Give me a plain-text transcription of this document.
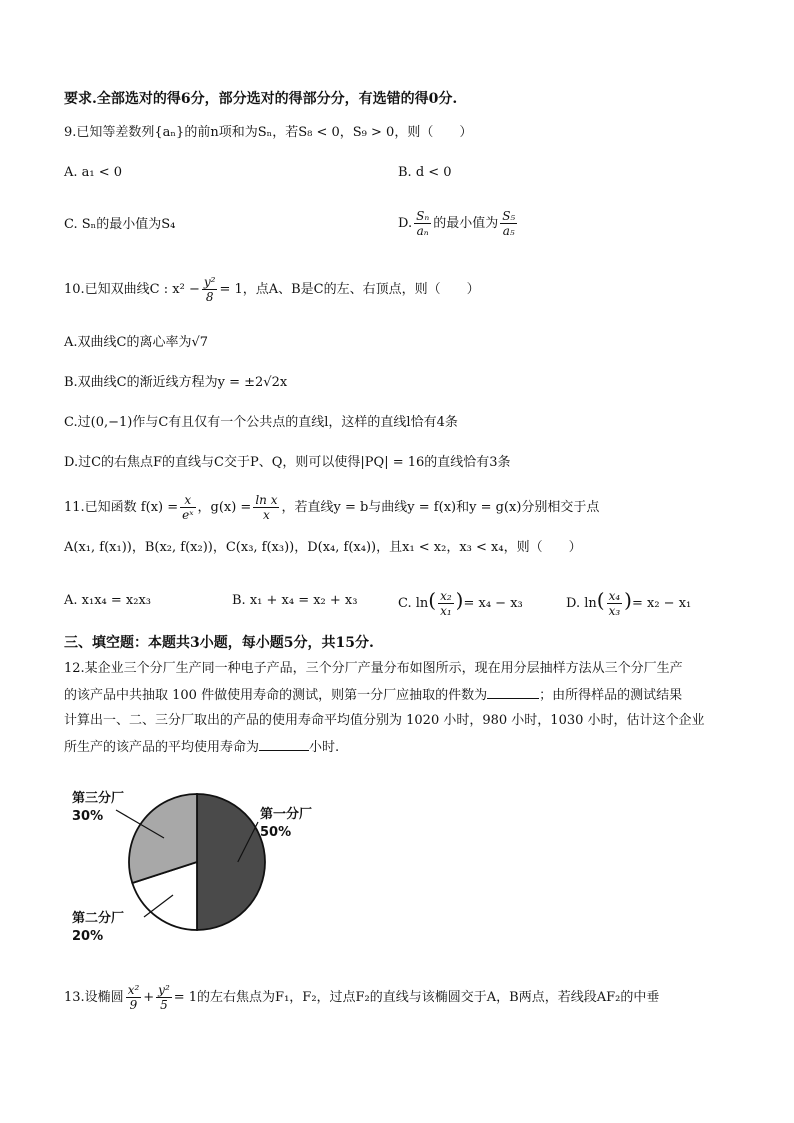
要求.全部选对的得6分，部分选对的得部分分，有选错的得0分.
9.已知等差数列{aₙ}的前n项和为Sₙ，若S₈ < 0，S₉ > 0，则（　　）
A. a₁ < 0	B. d < 0
C. Sₙ的最小值为S₄	D. $\frac{\text{Sₙ}}{\text{aₙ}}$ 的最小值为 $\frac{\text{S₅}}{\text{a₅}}$
10.已知双曲线C : $x^2 - \frac{\text{y²}}{8} = 1$，点A、B是C的左、右顶点，则（　　）
A.双曲线C的离心率为√7
B.双曲线C的渐近线方程为y = ±2√2x
C.过(0,−1)作与C有且仅有一个公共点的直线l，这样的直线l恰有4条
D.过C的右焦点F的直线与C交于P、Q，则可以使得|PQ| = 16的直线恰有3条
11.已知函数 $f(x) = \frac{x}{\text{eˣ}}$ ，$g(x) = \frac{\text{ln x}}{x}$ ，若直线y = b与曲线y = f(x)和y = g(x)分别相交于点
A(x₁, f(x₁))，B(x₂, f(x₂))，C(x₃, f(x₃))，D(x₄, f(x₄))，且x₁ < x₂，x₃ < x₄，则（　　）
A. x₁x₄ = x₂x₃	B. x₁ + x₄ = x₂ + x₃	C. $\ln( \frac{\text{x₂}}{\text{x₁}}$ )= x₄ − x₃	D. $\ln( \frac{\text{x₄}}{\text{x₃}}$ )= x₂ − x₁
三、填空题：本题共3小题，每小题5分，共15分.
12.某企业三个分厂生产同一种电子产品，三个分厂产量分布如图所示，现在用分层抽样方法从三个分厂生产
的该产品中共抽取 100 件做使用寿命的测试，则第一分厂应抽取的件数为	；由所得样品的测试结果
计算出一、二、三分厂取出的产品的使用寿命平均值分别为 1020 小时，980 小时，1030 小时，估计这个企业
所生产的该产品的平均使用寿命为	小时.
第一分厂
50%
第二分厂
20%
第三分厂
30%
13.设椭圆 $\frac{\text{x²}}{9} + \frac{\text{y²}}{5} = 1$的左右焦点为F₁，F₂，过点F₂的直线与该椭圆交于A，B两点，若线段AF₂的中垂
